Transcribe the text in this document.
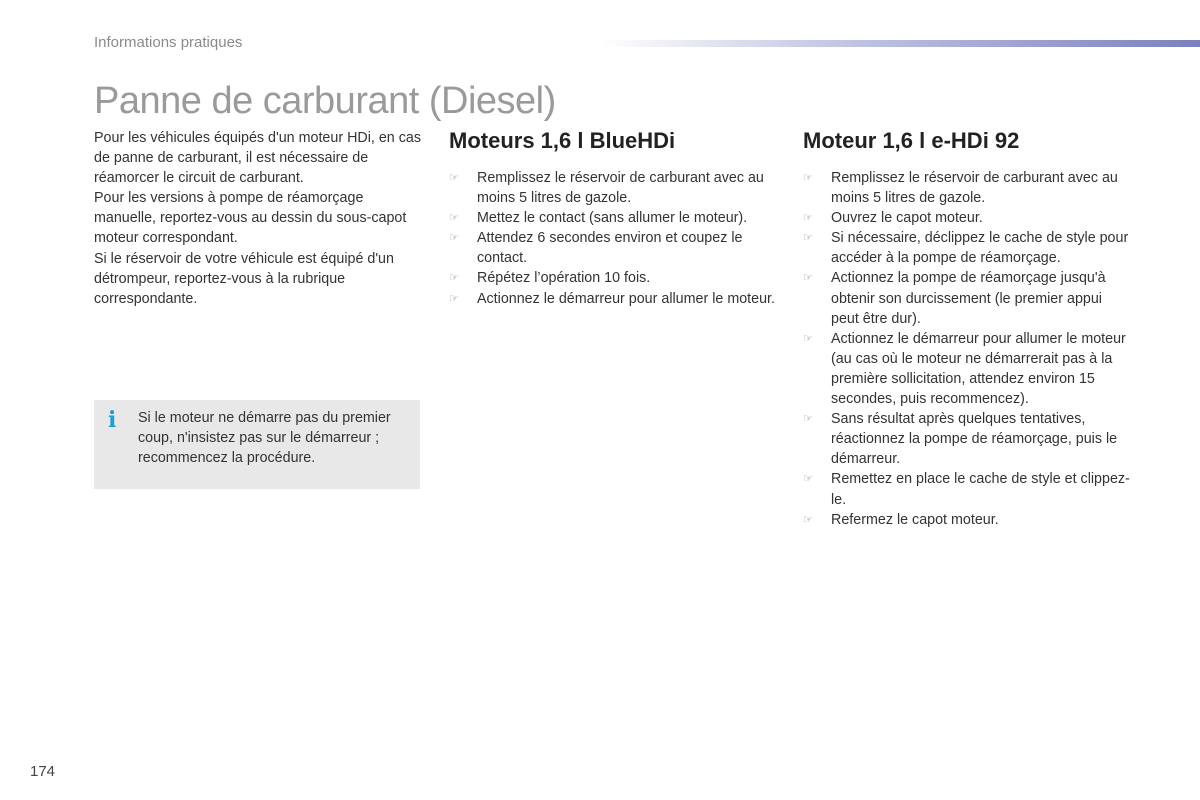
Informations pratiques
Panne de carburant (Diesel)

Pour les véhicules équipés d'un moteur HDi, en cas de panne de carburant, il est nécessaire de réamorcer le circuit de carburant.

Pour les versions à pompe de réamorçage manuelle, reportez-vous au dessin du sous-capot moteur correspondant.

Si le réservoir de votre véhicule est équipé d'un détrompeur, reportez-vous à la rubrique correspondante.

i Si le moteur ne démarre pas du premier coup, n'insistez pas sur le démarreur ; recommencez la procédure.
Moteurs 1,6 l BlueHDi
☞ Remplissez le réservoir de carburant avec au moins 5 litres de gazole.
☞ Mettez le contact (sans allumer le moteur).
☞ Attendez 6 secondes environ et coupez le contact.
☞ Répétez l’opération 10 fois.
☞ Actionnez le démarreur pour allumer le moteur.
Moteur 1,6 l e-HDi 92
☞ Remplissez le réservoir de carburant avec au moins 5 litres de gazole.
☞ Ouvrez le capot moteur.
☞ Si nécessaire, déclippez le cache de style pour accéder à la pompe de réamorçage.
☞ Actionnez la pompe de réamorçage jusqu'à obtenir son durcissement (le premier appui peut être dur).
☞ Actionnez le démarreur pour allumer le moteur (au cas où le moteur ne démarrerait pas à la première sollicitation, attendez environ 15 secondes, puis recommencez).
☞ Sans résultat après quelques tentatives, réactionnez la pompe de réamorçage, puis le démarreur.
☞ Remettez en place le cache de style et clippez-le.
☞ Refermez le capot moteur.
174
